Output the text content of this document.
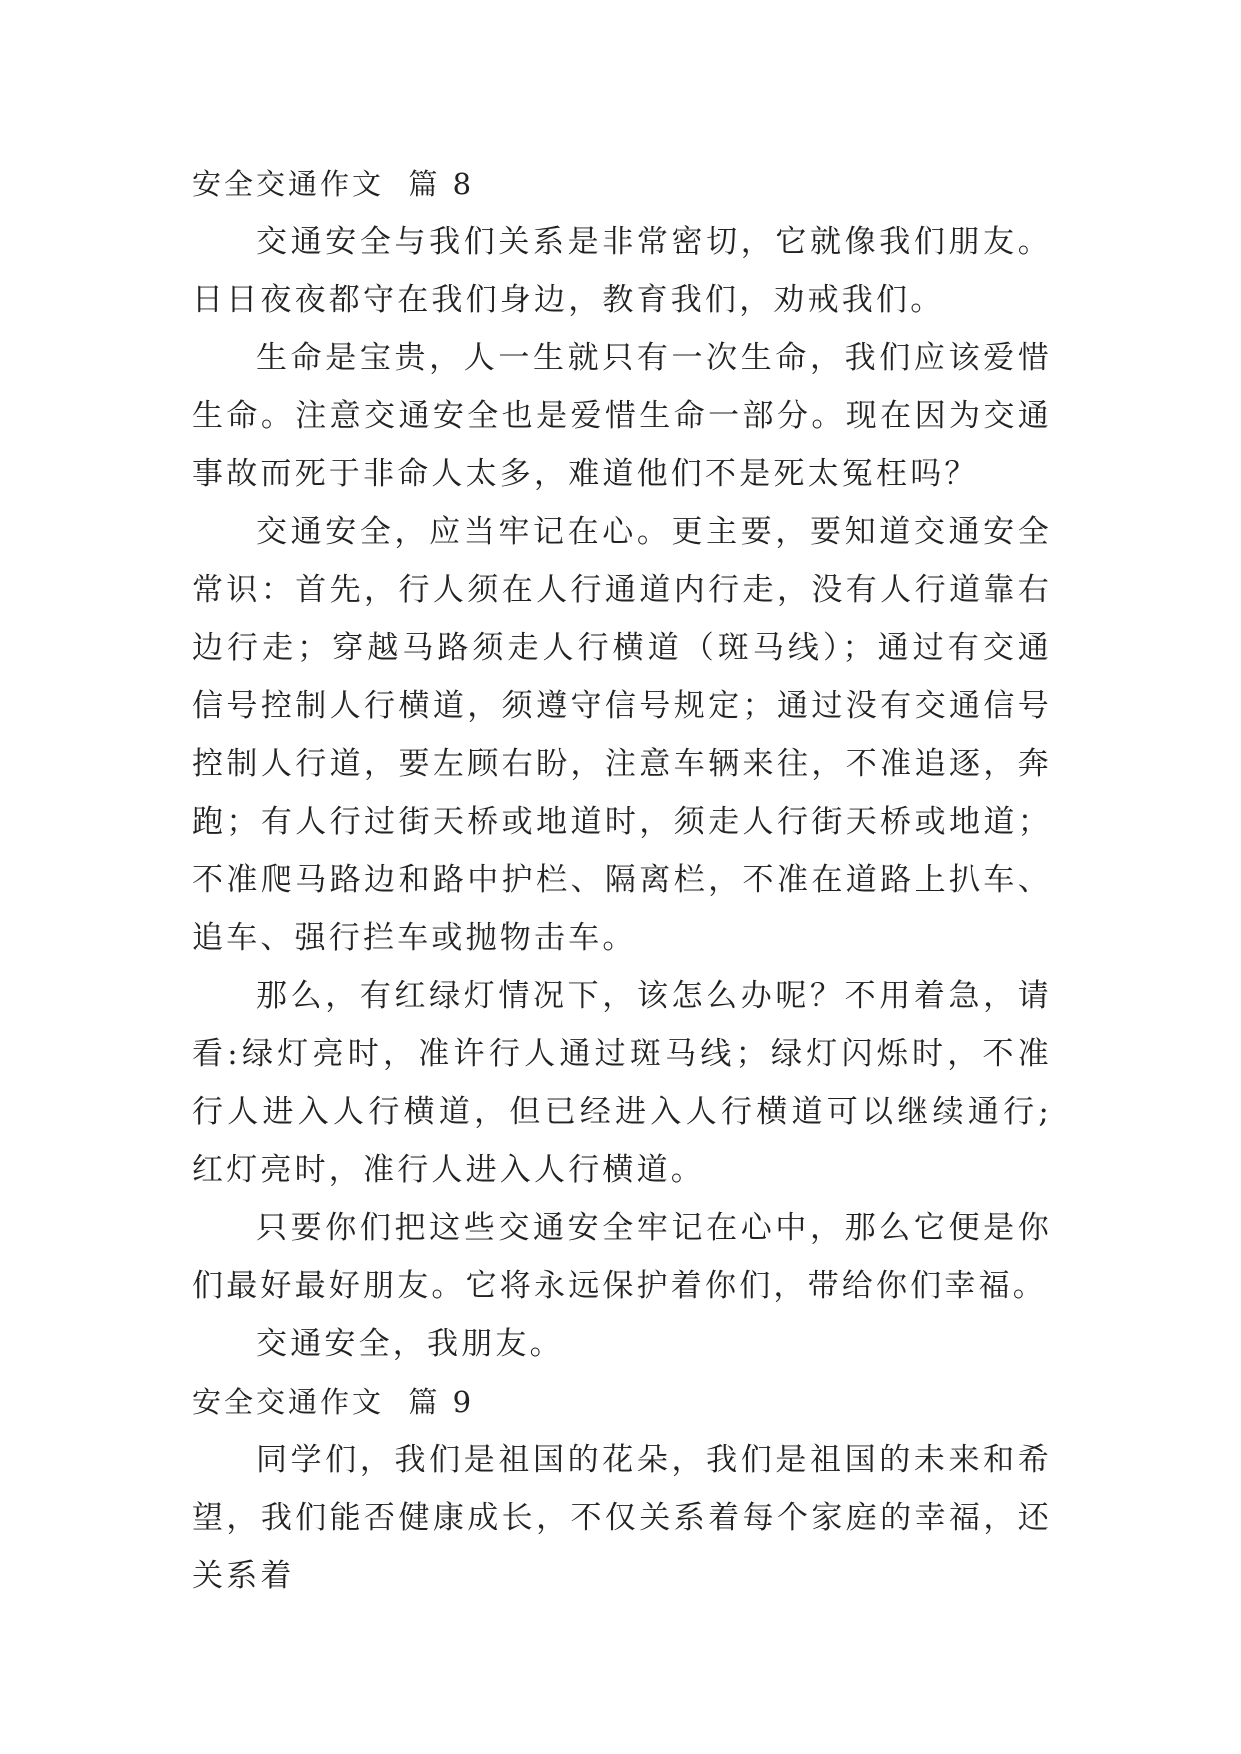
安全交通作文  篇 8

交通安全与我们关系是非常密切，它就像我们朋友。日日夜夜都守在我们身边，教育我们，劝戒我们。

生命是宝贵，人一生就只有一次生命，我们应该爱惜生命。注意交通安全也是爱惜生命一部分。现在因为交通事故而死于非命人太多，难道他们不是死太冤枉吗？

交通安全，应当牢记在心。更主要，要知道交通安全常识：首先，行人须在人行通道内行走，没有人行道靠右边行走；穿越马路须走人行横道（斑马线）；通过有交通信号控制人行横道，须遵守信号规定；通过没有交通信号控制人行道，要左顾右盼，注意车辆来往，不准追逐，奔跑；有人行过街天桥或地道时，须走人行街天桥或地道；不准爬马路边和路中护栏、隔离栏，不准在道路上扒车、追车、强行拦车或抛物击车。

那么，有红绿灯情况下，该怎么办呢？不用着急，请看:绿灯亮时，准许行人通过斑马线；绿灯闪烁时，不准行人进入人行横道，但已经进入人行横道可以继续通行;红灯亮时，准行人进入人行横道。

只要你们把这些交通安全牢记在心中，那么它便是你们最好最好朋友。它将永远保护着你们，带给你们幸福。

交通安全，我朋友。

安全交通作文  篇 9

同学们，我们是祖国的花朵，我们是祖国的未来和希望，我们能否健康成长，不仅关系着每个家庭的幸福，还关系着
